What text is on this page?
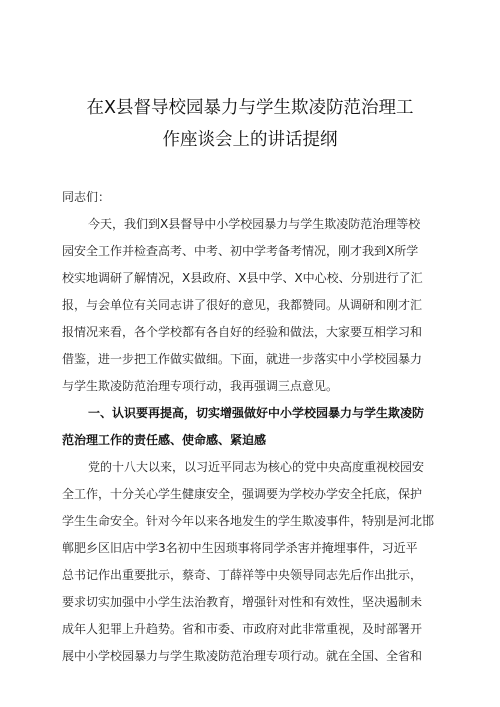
在X县督导校园暴力与学生欺凌防范治理工
作座谈会上的讲话提纲
同志们：
今天，我们到X县督导中小学校园暴力与学生欺凌防范治理等校
园安全工作并检查高考、中考、初中学考备考情况，刚才我到X所学
校实地调研了解情况，X县政府、X县中学、X中心校、分别进行了汇
报，与会单位有关同志讲了很好的意见，我都赞同。从调研和刚才汇
报情况来看，各个学校都有各自好的经验和做法，大家要互相学习和
借鉴，进一步把工作做实做细。下面，就进一步落实中小学校园暴力
与学生欺凌防范治理专项行动，我再强调三点意见。
一、认识要再提高，切实增强做好中小学校园暴力与学生欺凌防
范治理工作的责任感、使命感、紧迫感
党的十八大以来，以习近平同志为核心的党中央高度重视校园安
全工作，十分关心学生健康安全，强调要为学校办学安全托底，保护
学生生命安全。针对今年以来各地发生的学生欺凌事件，特别是河北邯
郸肥乡区旧店中学3名初中生因琐事将同学杀害并掩埋事件，习近平
总书记作出重要批示，蔡奇、丁薛祥等中央领导同志先后作出批示，
要求切实加强中小学生法治教育，增强针对性和有效性，坚决遏制未
成年人犯罪上升趋势。省和市委、市政府对此非常重视，及时部署开
展中小学校园暴力与学生欺凌防范治理专项行动。就在全国、全省和
